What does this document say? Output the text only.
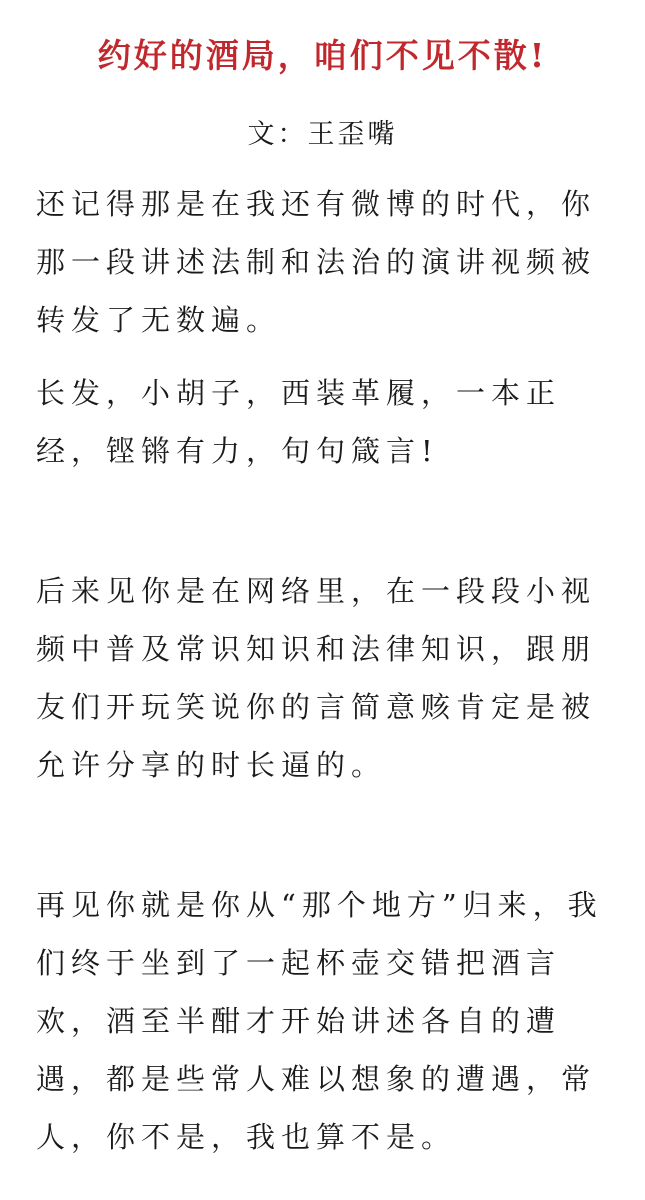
约好的酒局，咱们不见不散!
文：王歪嘴
还记得那是在我还有微博的时代，你
那一段讲述法制和法治的演讲视频被
转发了无数遍。
长发，小胡子，西装革履，一本正
经，铿锵有力，句句箴言!
后来见你是在网络里，在一段段小视
频中普及常识知识和法律知识，跟朋
友们开玩笑说你的言简意赅肯定是被
允许分享的时长逼的。
再见你就是你从“那个地方”归来，我
们终于坐到了一起杯壶交错把酒言
欢，酒至半酣才开始讲述各自的遭
遇，都是些常人难以想象的遭遇，常
人，你不是，我也算不是。
